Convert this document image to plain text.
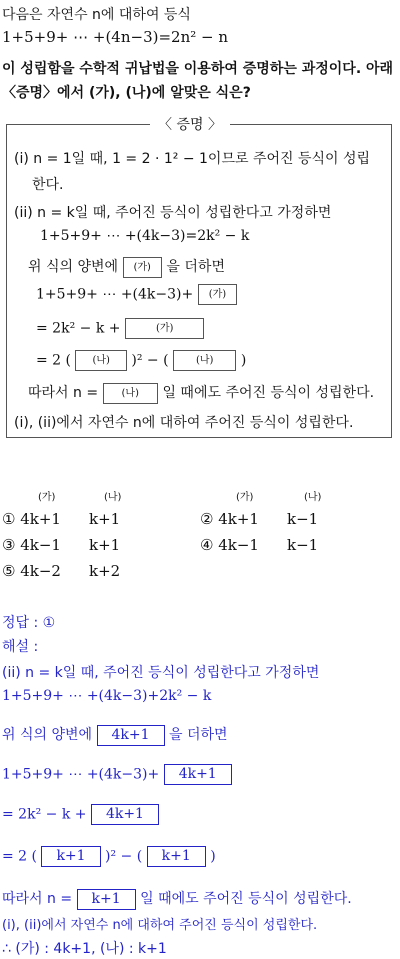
다음은 자연수 n에 대하여 등식
1+5+9+ ⋯ +(4n−3)=2n² − n
이 성립함을 수학적 귀납법을 이용하여 증명하는 과정이다. 아래
〈증명〉에서 (가), (나)에 알맞은 식은?
〈 증명 〉
(i) n = 1일 때, 1 = 2 · 1² − 1이므로 주어진 등식이 성립
한다.
(ii) n = k일 때, 주어진 등식이 성립한다고 가정하면
1+5+9+ ⋯ +(4k−3)=2k² − k
위 식의 양변에 (가) 을 더하면
1+5+9+ ⋯ +(4k−3)+ (가)
= 2k² − k +	(가)
= 2 ( (나) )² − (	(나) )
따라서 n = (나) 일 때에도 주어진 등식이 성립한다.
(i), (ii)에서 자연수 n에 대하여 주어진 등식이 성립한다.
(가)	(나)	(가)	(나)
① 4k+1 k+1	② 4k+1 k−1
③ 4k−1 k+1	④ 4k−1 k−1
⑤ 4k−2 k+2
정답 : ①
해설 :
(ii) n = k일 때, 주어진 등식이 성립한다고 가정하면
1+5+9+ ⋯ +(4k−3)+2k² − k
위 식의 양변에 4k+1 을 더하면
1+5+9+ ⋯ +(4k−3)+ 4k+1
= 2k² − k + 4k+1
= 2 ( k+1 )² − ( k+1 )
따라서 n = k+1 일 때에도 주어진 등식이 성립한다.
(i), (ii)에서 자연수 n에 대하여 주어진 등식이 성립한다.
∴ (가) : 4k+1, (나) : k+1
